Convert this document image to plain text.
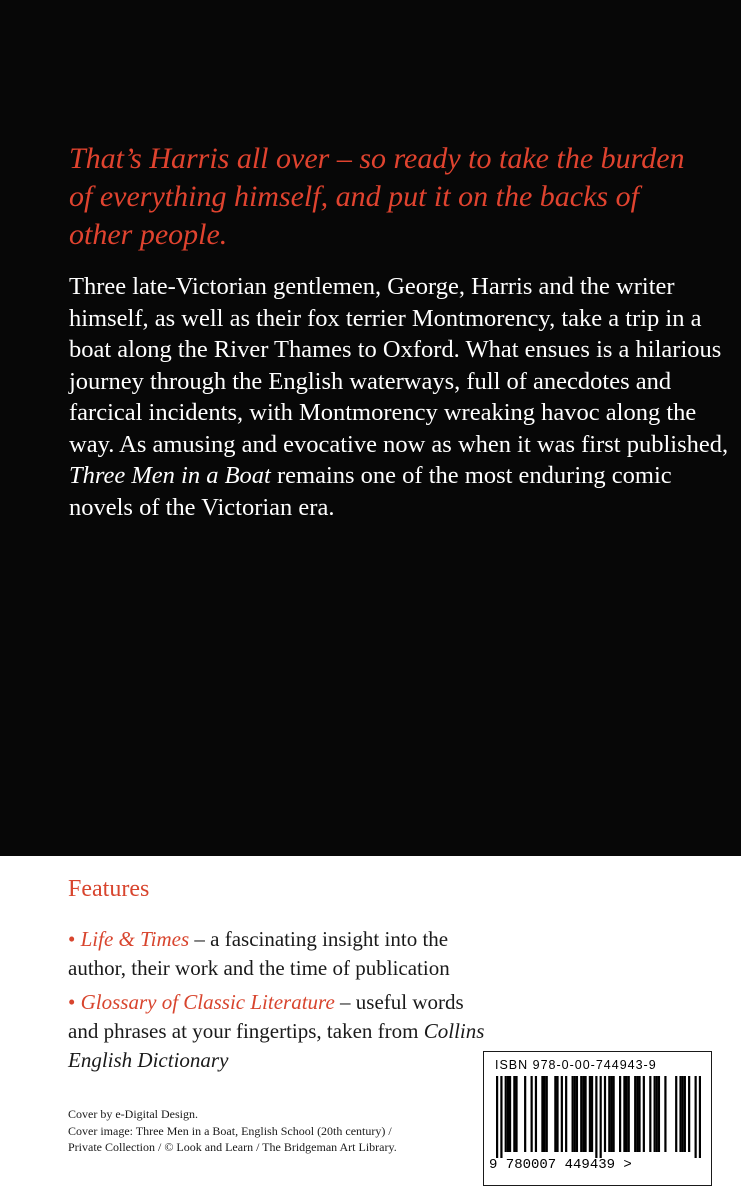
That’s Harris all over – so ready to take the burden of everything himself, and put it on the backs of other people.

Three late-Victorian gentlemen, George, Harris and the writer himself, as well as their fox terrier Montmorency, take a trip in a boat along the River Thames to Oxford. What ensues is a hilarious journey through the English waterways, full of anecdotes and farcical incidents, with Montmorency wreaking havoc along the way. As amusing and evocative now as when it was first published, Three Men in a Boat remains one of the most enduring comic novels of the Victorian era.

Features

• Life & Times – a fascinating insight into the author, their work and the time of publication

• Glossary of Classic Literature – useful words and phrases at your fingertips, taken from Collins English Dictionary

Cover by e-Digital Design.
Cover image: Three Men in a Boat, English School (20th century) /
Private Collection / © Look and Learn / The Bridgeman Art Library.
ISBN 978-0-00-744943-9
9 780007 449439 >
